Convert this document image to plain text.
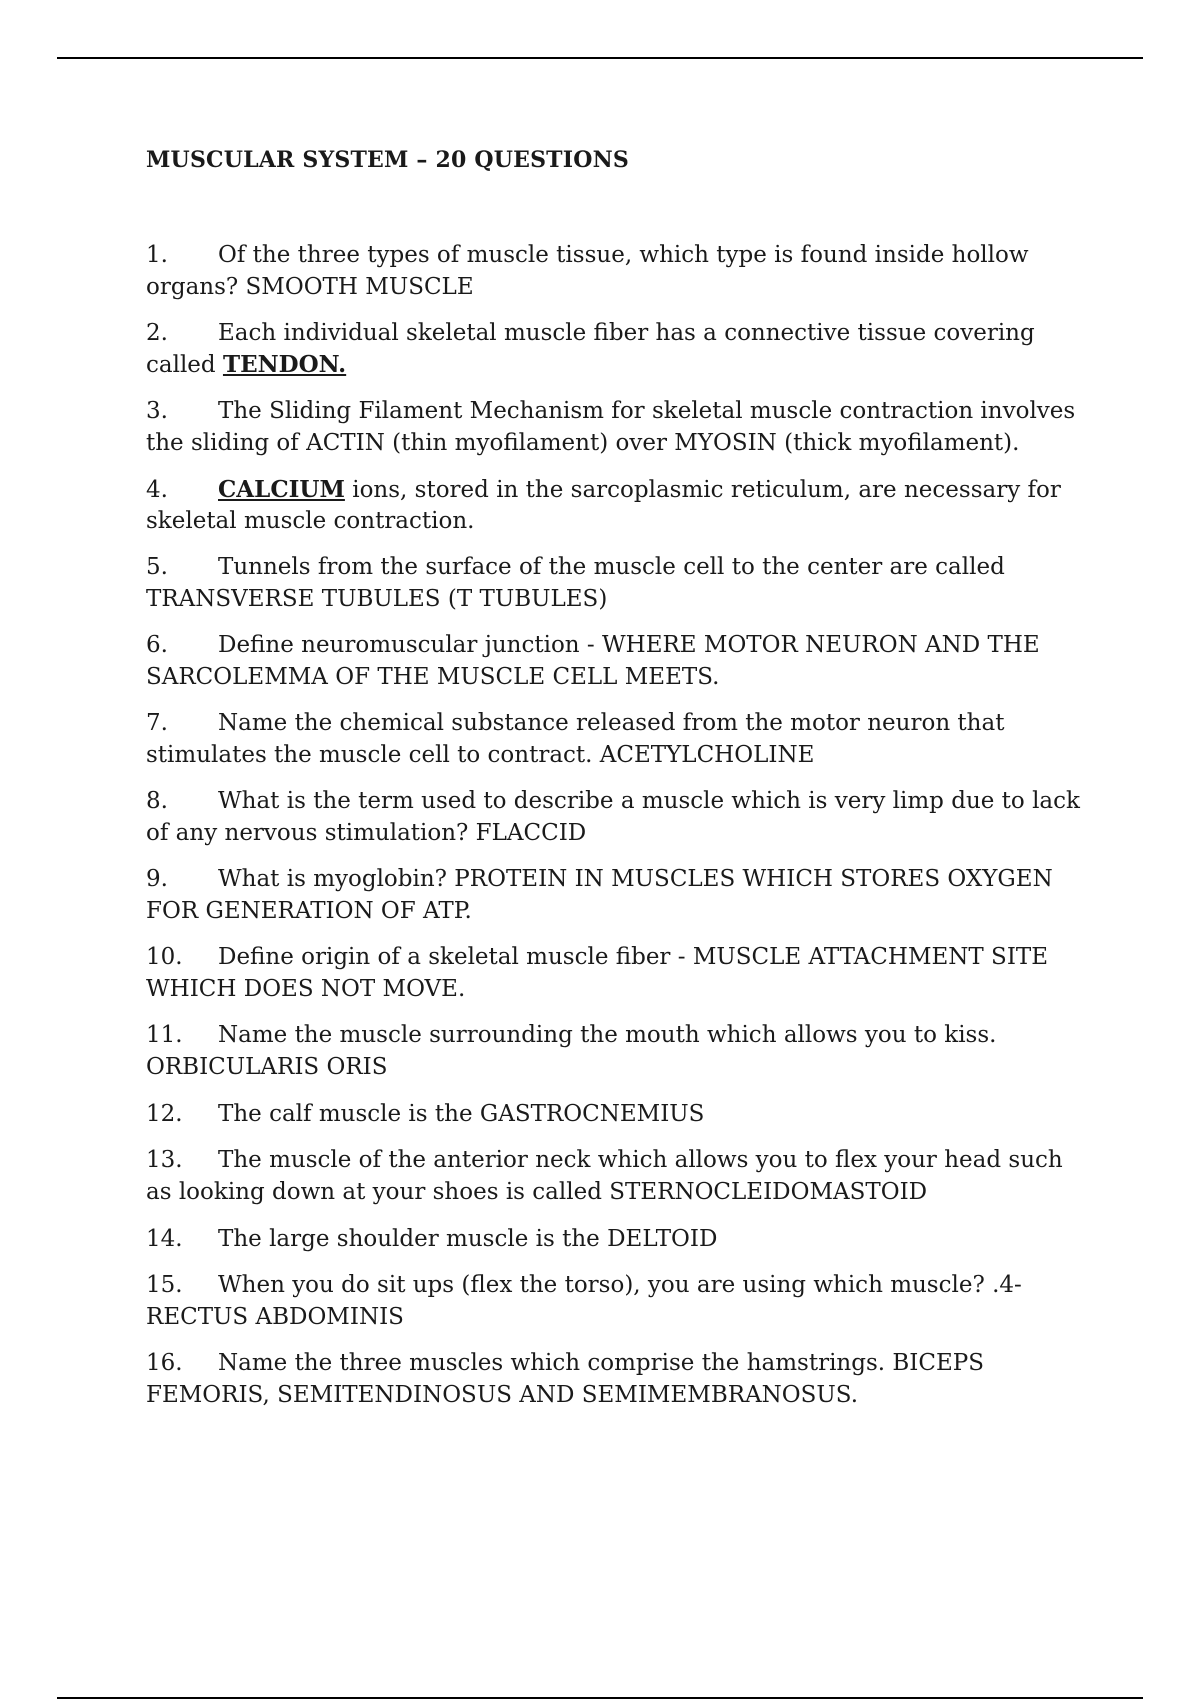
MUSCULAR SYSTEM – 20 QUESTIONS
1. Of the three types of muscle tissue, which type is found inside hollow organs? SMOOTH MUSCLE
2. Each individual skeletal muscle fiber has a connective tissue covering called TENDON.
3. The Sliding Filament Mechanism for skeletal muscle contraction involves the sliding of ACTIN (thin myofilament) over MYOSIN (thick myofilament).
4. CALCIUM ions, stored in the sarcoplasmic reticulum, are necessary for skeletal muscle contraction.
5. Tunnels from the surface of the muscle cell to the center are called TRANSVERSE TUBULES (T TUBULES)
6. Define neuromuscular junction - WHERE MOTOR NEURON AND THE SARCOLEMMA OF THE MUSCLE CELL MEETS.
7. Name the chemical substance released from the motor neuron that stimulates the muscle cell to contract. ACETYLCHOLINE
8. What is the term used to describe a muscle which is very limp due to lack of any nervous stimulation? FLACCID
9. What is myoglobin? PROTEIN IN MUSCLES WHICH STORES OXYGEN FOR GENERATION OF ATP.
10. Define origin of a skeletal muscle fiber - MUSCLE ATTACHMENT SITE WHICH DOES NOT MOVE.
11. Name the muscle surrounding the mouth which allows you to kiss. ORBICULARIS ORIS
12. The calf muscle is the GASTROCNEMIUS
13. The muscle of the anterior neck which allows you to flex your head such as looking down at your shoes is called STERNOCLEIDOMASTOID
14. The large shoulder muscle is the DELTOID
15. When you do sit ups (flex the torso), you are using which muscle? .4- RECTUS ABDOMINIS
16. Name the three muscles which comprise the hamstrings. BICEPS FEMORIS, SEMITENDINOSUS AND SEMIMEMBRANOSUS.
